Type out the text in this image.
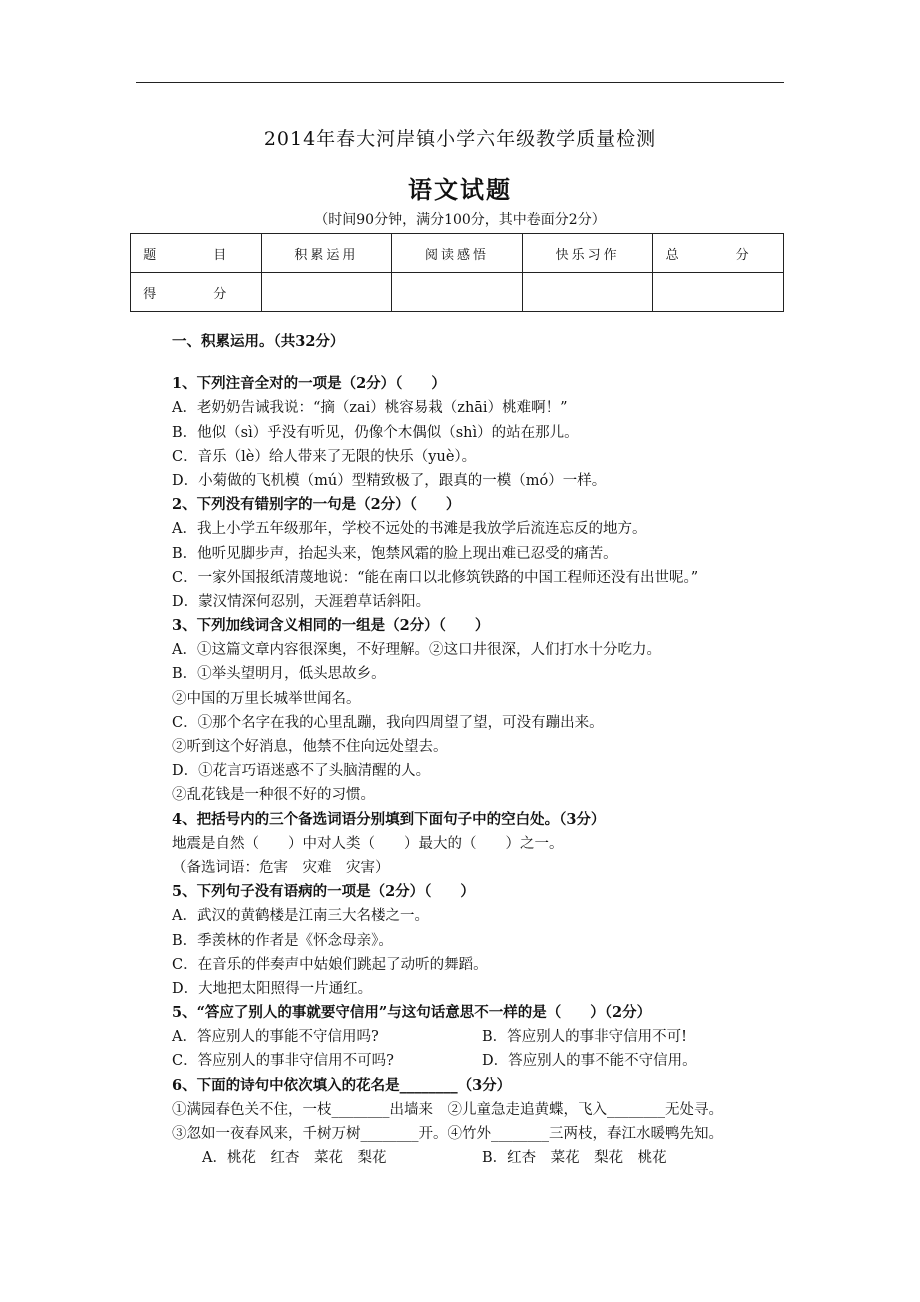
2014年春大河岸镇小学六年级教学质量检测
语文试题
（时间90分钟，满分100分，其中卷面分2分）
题　目	积累运用	阅读感悟	快乐习作	总　分
得　分				
一、积累运用。（共32分）
1、下列注音全对的一项是（2分）（　　）
A．老奶奶告诫我说：“摘（zai）桃容易栽（zhāi）桃难啊！”
B．他似（sì）乎没有听见，仍像个木偶似（shì）的站在那儿。
C．音乐（lè）给人带来了无限的快乐（yuè）。
D．小菊做的飞机模（mú）型精致极了，跟真的一模（mó）一样。
2、下列没有错别字的一句是（2分）（　　）
A．我上小学五年级那年，学校不远处的书滩是我放学后流连忘反的地方。
B．他听见脚步声，抬起头来，饱禁风霜的脸上现出难已忍受的痛苦。
C．一家外国报纸清蔑地说：“能在南口以北修筑铁路的中国工程师还没有出世呢。”
D．蒙汉情深何忍别，天涯碧草话斜阳。
3、下列加线词含义相同的一组是（2分）（　　）
A．①这篇文章内容很深奥，不好理解。②这口井很深，人们打水十分吃力。
B．①举头望明月，低头思故乡。
②中国的万里长城举世闻名。
C．①那个名字在我的心里乱蹦，我向四周望了望，可没有蹦出来。
②听到这个好消息，他禁不住向远处望去。
D．①花言巧语迷惑不了头脑清醒的人。
②乱花钱是一种很不好的习惯。
4、把括号内的三个备选词语分别填到下面句子中的空白处。（3分）
地震是自然（　　）中对人类（　　）最大的（　　）之一。
（备选词语：危害　灾难　灾害）
5、下列句子没有语病的一项是（2分）（　　）
A．武汉的黄鹤楼是江南三大名楼之一。
B．季羡林的作者是《怀念母亲》。
C．在音乐的伴奏声中姑娘们跳起了动听的舞蹈。
D．大地把太阳照得一片通红。
5、“答应了别人的事就要守信用”与这句话意思不一样的是（　　）（2分）
A．答应别人的事能不守信用吗?	B．答应别人的事非守信用不可!
C．答应别人的事非守信用不可吗?	D．答应别人的事不能不守信用。
6、下面的诗句中依次填入的花名是________（3分）
①满园春色关不住，一枝________出墙来　②儿童急走追黄蝶，飞入________无处寻。
③忽如一夜春风来，千树万树________开。④竹外________三两枝，春江水暖鸭先知。
A．桃花　红杏　菜花　梨花	B．红杏　菜花　梨花　桃花
